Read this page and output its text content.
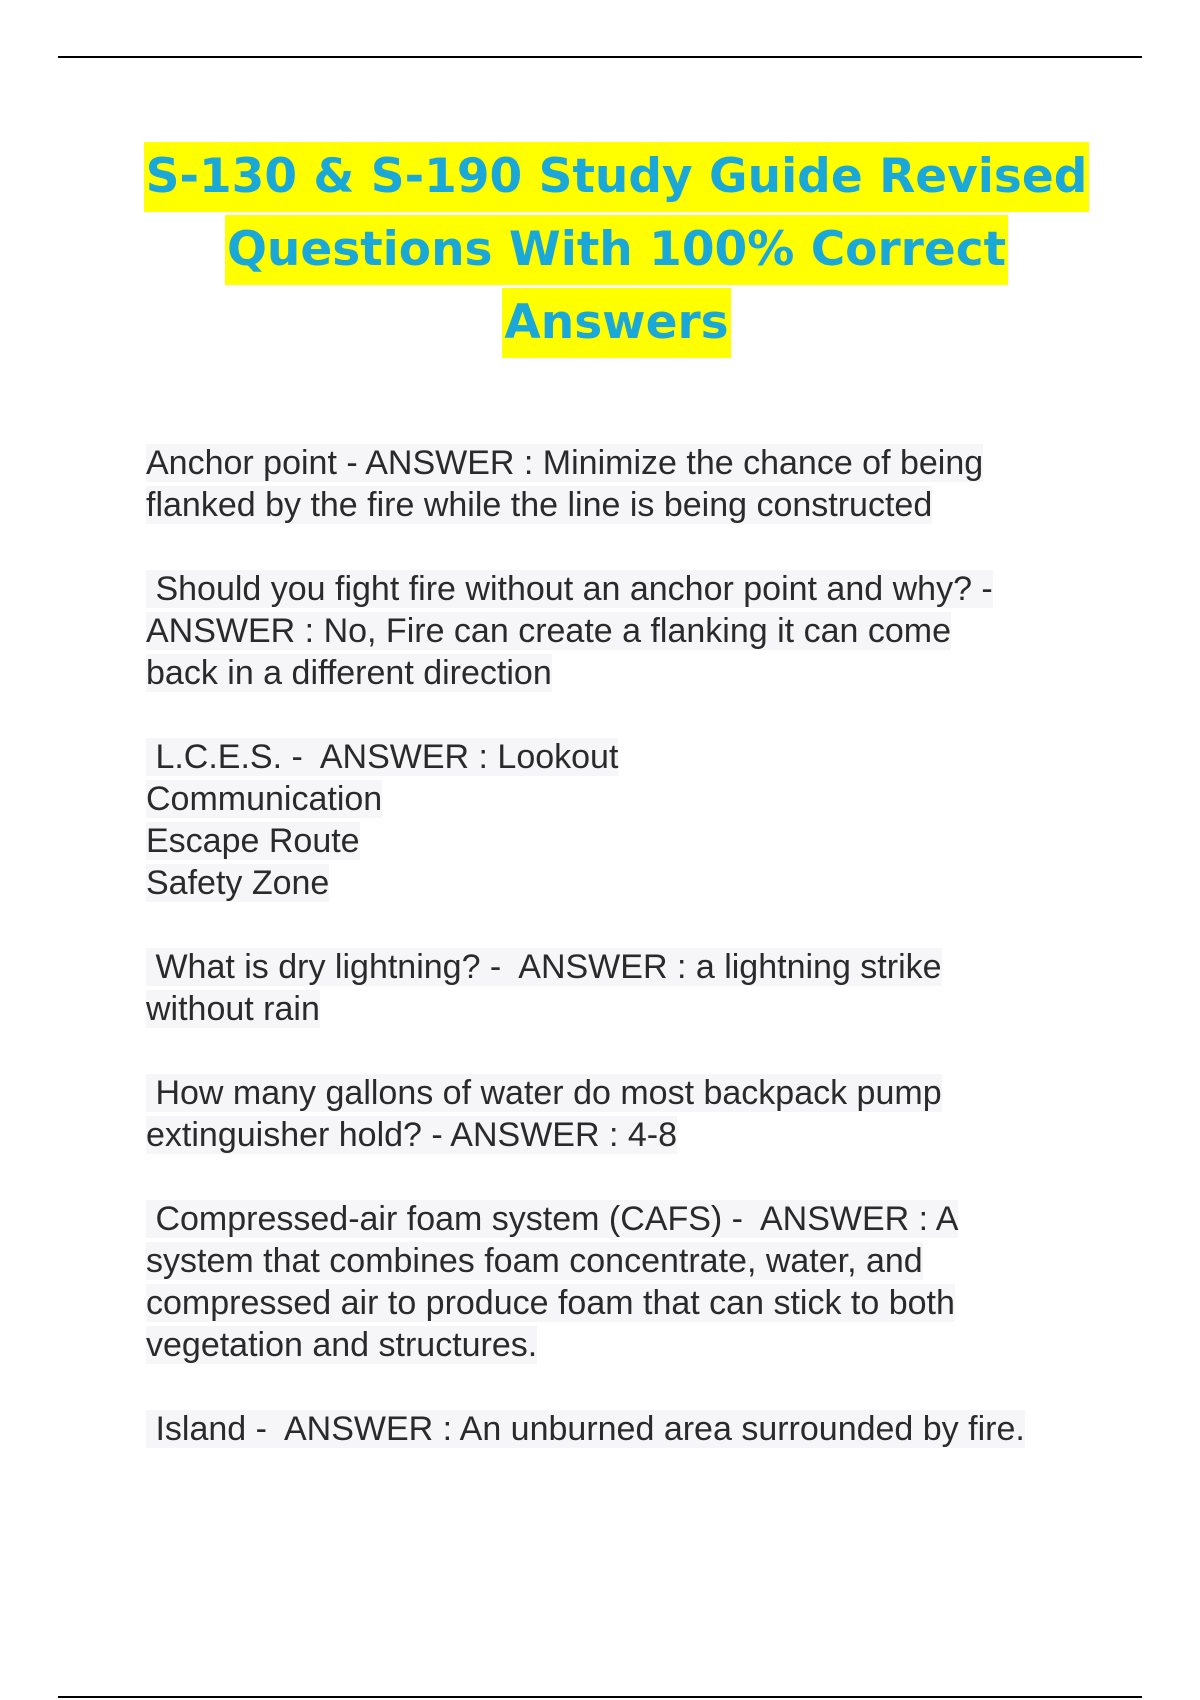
S-130 & S-190 Study Guide Revised
Questions With 100% Correct
Answers
Anchor point - ANSWER : Minimize the chance of being
flanked by the fire while the line is being constructed
Should you fight fire without an anchor point and why? -
ANSWER : No, Fire can create a flanking it can come
back in a different direction
L.C.E.S. -  ANSWER : Lookout
Communication
Escape Route
Safety Zone
What is dry lightning? -  ANSWER : a lightning strike
without rain
How many gallons of water do most backpack pump
extinguisher hold? - ANSWER : 4-8
Compressed-air foam system (CAFS) -  ANSWER : A
system that combines foam concentrate, water, and
compressed air to produce foam that can stick to both
vegetation and structures.
Island -  ANSWER : An unburned area surrounded by fire.
